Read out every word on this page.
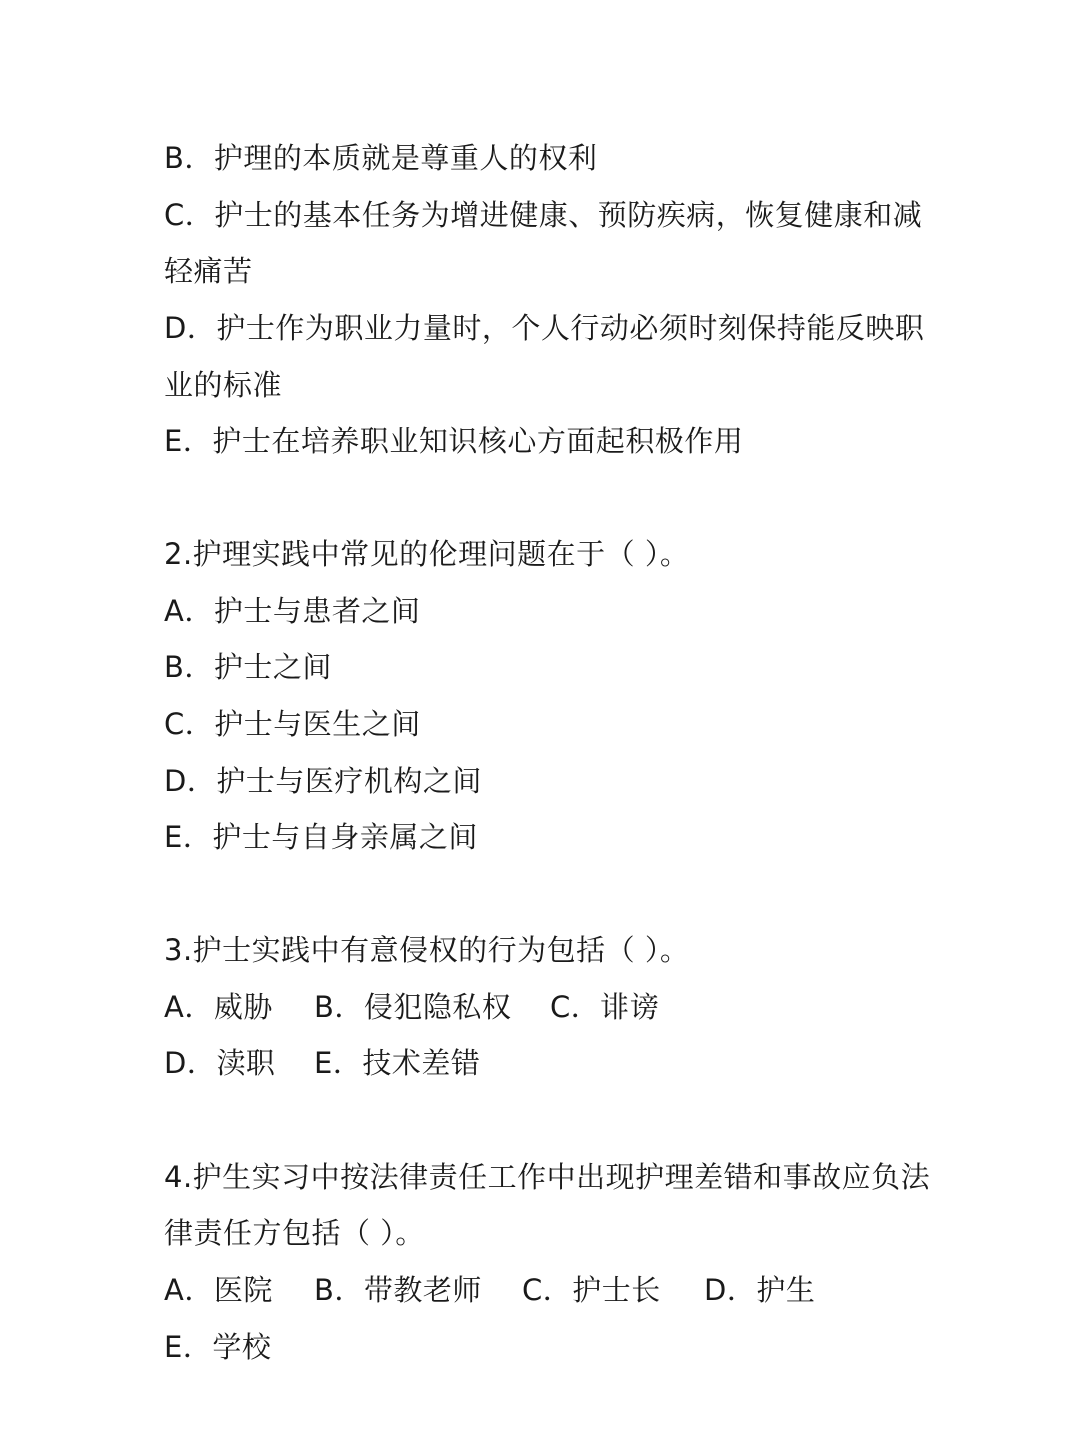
B．护理的本质就是尊重人的权利
C．护士的基本任务为增进健康、预防疾病，恢复健康和减
轻痛苦
D．护士作为职业力量时，个人行动必须时刻保持能反映职
业的标准
E．护士在培养职业知识核心方面起积极作用
2.护理实践中常见的伦理问题在于（ ）。
A．护士与患者之间
B．护士之间
C．护士与医生之间
D．护士与医疗机构之间
E．护士与自身亲属之间
3.护士实践中有意侵权的行为包括（ ）。
A．威胁 B．侵犯隐私权 C．诽谤
D．渎职 E．技术差错
4.护生实习中按法律责任工作中出现护理差错和事故应负法
律责任方包括（ ）。
A．医院 B．带教老师 C．护士长 D．护生
E．学校
